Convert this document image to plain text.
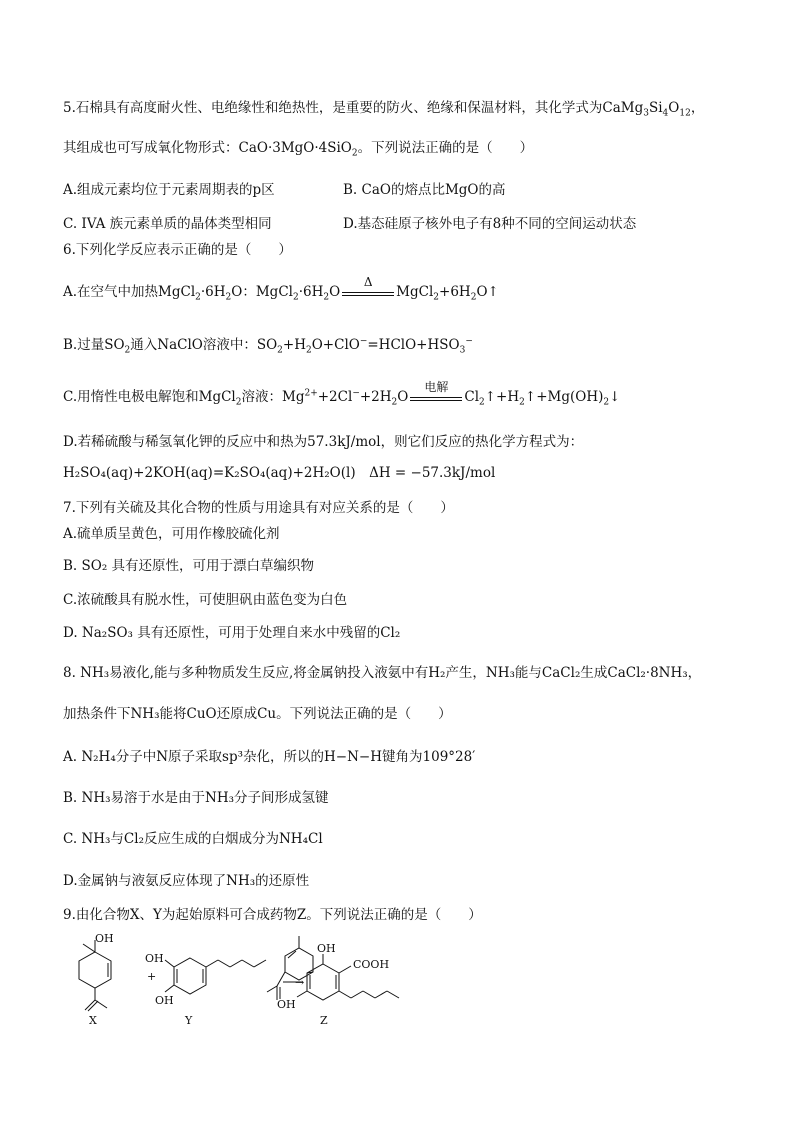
5.石棉具有高度耐火性、电绝缘性和绝热性，是重要的防火、绝缘和保温材料，其化学式为$CaMg_3Si_4O_{12}$，
其组成也可写成氧化物形式：CaO·3MgO·4SiO$_2$。下列说法正确的是（　　）
A.组成元素均位于元素周期表的p区	B. CaO的熔点比MgO的高
C. ⅠVA 族元素单质的晶体类型相同	D.基态硅原子核外电子有8种不同的空间运动状态
6.下列化学反应表示正确的是（　　）
A.在空气中加热$MgCl_2\cdot 6H_2O$：$MgCl_2\cdot 6H_2O$
Δ
$MgCl_2+6H_2O↑$
B.过量$SO_2$通入NaClO溶液中：$SO_2+H_2O+ClO^-=HClO+HSO_3^-$
C.用惰性电极电解饱和MgCl$_2$溶液：$Mg^{2+}+2Cl^-+2H_2O$
电解
$Cl_2↑+H_2↑+Mg(OH)_2↓$
D.若稀硫酸与稀氢氧化钾的反应中和热为57.3kJ/mol，则它们反应的热化学方程式为：
H₂SO₄(aq)+2KOH(aq)=K₂SO₄(aq)+2H₂O(l)　ΔH = −57.3kJ/mol
7.下列有关硫及其化合物的性质与用途具有对应关系的是（　　）
A.硫单质呈黄色，可用作橡胶硫化剂
B. SO₂ 具有还原性，可用于漂白草编织物
C.浓硫酸具有脱水性，可使胆矾由蓝色变为白色
D. Na₂SO₃ 具有还原性，可用于处理自来水中残留的Cl₂
8. NH₃易液化,能与多种物质发生反应,将金属钠投入液氨中有H₂产生，NH₃能与CaCl₂生成CaCl₂·8NH₃，
加热条件下NH₃能将CuO还原成Cu。下列说法正确的是（　　）
A. N₂H₄分子中N原子采取sp³杂化，所以的H−N−H键角为109°28′
B. NH₃易溶于水是由于NH₃分子间形成氢键
C. NH₃与Cl₂反应生成的白烟成分为NH₄Cl
D.金属钠与液氨反应体现了NH₃的还原性
9.由化合物X、Y为起始原料可合成药物Z。下列说法正确的是（　　）
OH
X
+
OH
OH
Y
→
OH
COOH
OH
Z
